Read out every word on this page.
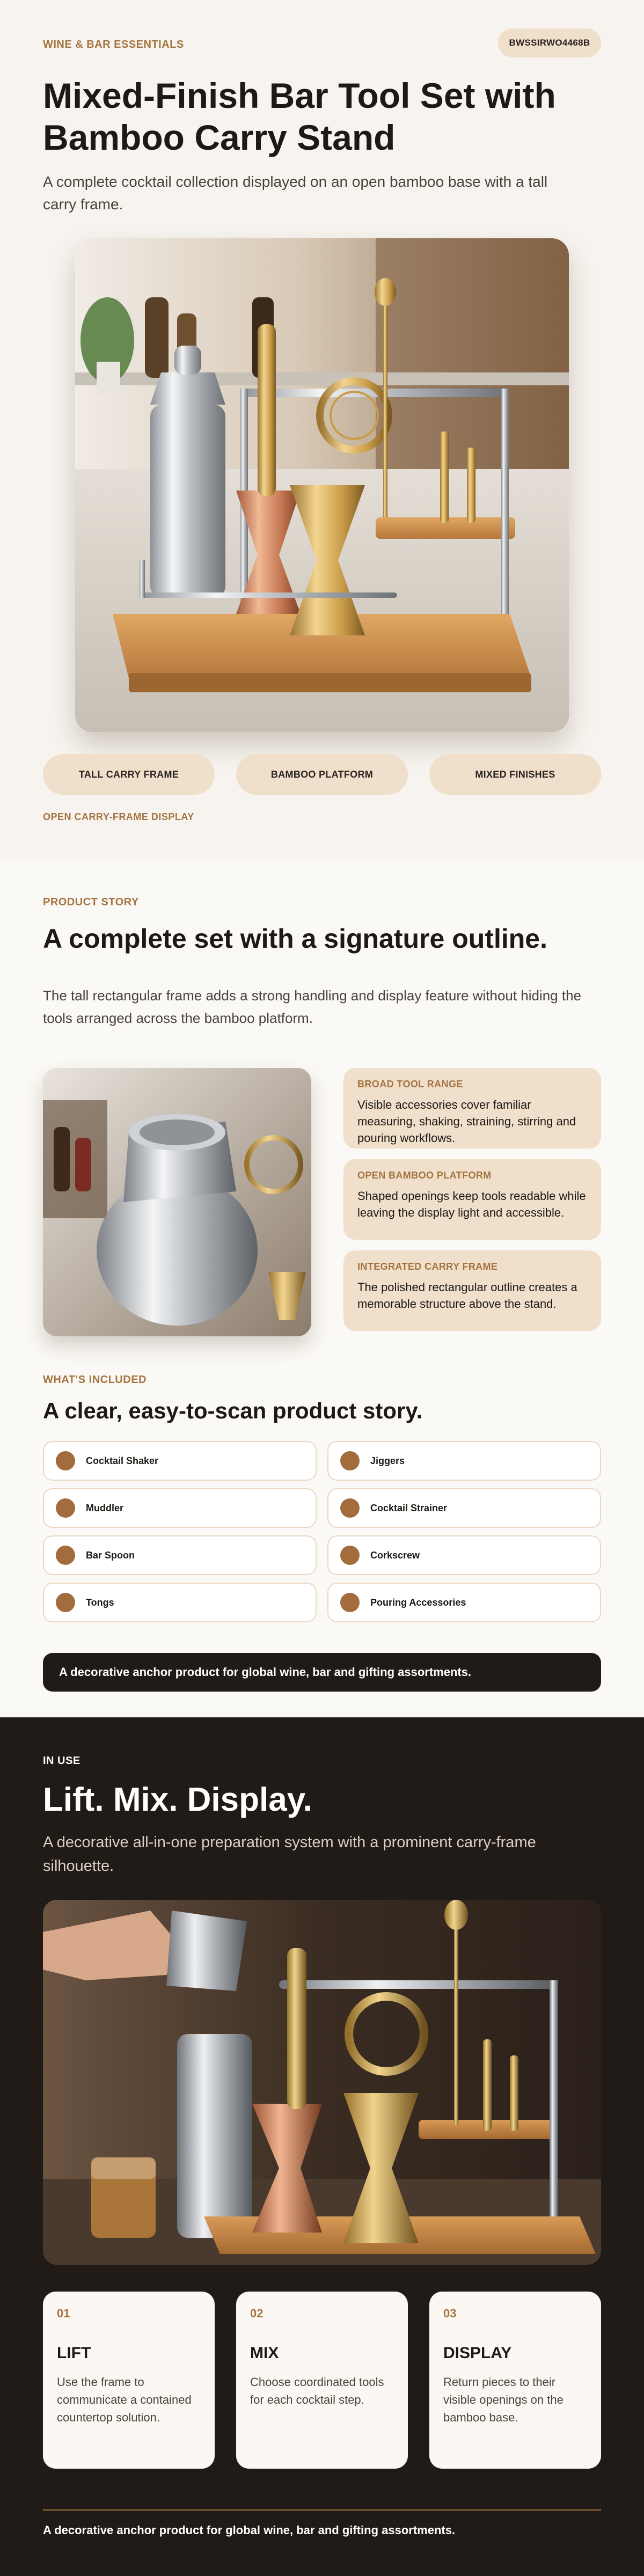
WINE & BAR ESSENTIALS	BWSSIRWO4468B
Mixed-Finish Bar Tool Set with Bamboo Carry Stand
A complete cocktail collection displayed on an open bamboo base with a tall carry frame.
TALL CARRY FRAME	BAMBOO PLATFORM	MIXED FINISHES
OPEN CARRY-FRAME DISPLAY
PRODUCT STORY
A complete set with a signature outline.
The tall rectangular frame adds a strong handling and display feature without hiding the tools arranged across the bamboo platform.
BROAD TOOL RANGE
Visible accessories cover familiar measuring, shaking, straining, stirring and pouring workflows.
OPEN BAMBOO PLATFORM
Shaped openings keep tools readable while leaving the display light and accessible.
INTEGRATED CARRY FRAME
The polished rectangular outline creates a memorable structure above the stand.
WHAT'S INCLUDED
A clear, easy-to-scan product story.
Cocktail Shaker	Jiggers
Muddler	Cocktail Strainer
Bar Spoon	Corkscrew
Tongs	Pouring Accessories
A decorative anchor product for global wine, bar and gifting assortments.
IN USE
Lift. Mix. Display.
A decorative all-in-one preparation system with a prominent carry-frame silhouette.
01
LIFT
Use the frame to communicate a contained countertop solution.
02
MIX
Choose coordinated tools for each cocktail step.
03
DISPLAY
Return pieces to their visible openings on the bamboo base.
A decorative anchor product for global wine, bar and gifting assortments.
